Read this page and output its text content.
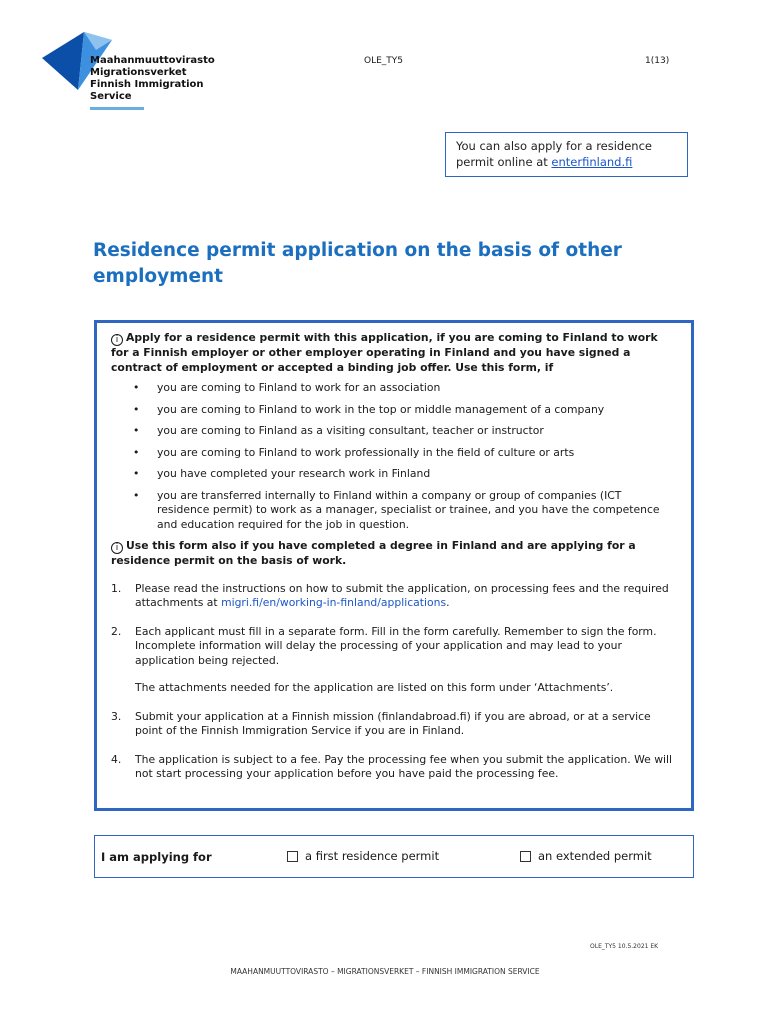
Maahanmuuttovirasto
Migrationsverket
Finnish Immigration Service
OLE_TY5	1(13)
You can also apply for a residence permit online at enterfinland.fi
Residence permit application on the basis of other employment

i Apply for a residence permit with this application, if you are coming to Finland to work for a Finnish employer or other employer operating in Finland and you have signed a contract of employment or accepted a binding job offer. Use this form, if

• you are coming to Finland to work for an association
• you are coming to Finland to work in the top or middle management of a company
• you are coming to Finland as a visiting consultant, teacher or instructor
• you are coming to Finland to work professionally in the field of culture or arts
• you have completed your research work in Finland
• you are transferred internally to Finland within a company or group of companies (ICT residence permit) to work as a manager, specialist or trainee, and you have the competence and education required for the job in question.

i Use this form also if you have completed a degree in Finland and are applying for a residence permit on the basis of work.

1. Please read the instructions on how to submit the application, on processing fees and the required attachments at migri.fi/en/working-in-finland/applications.
2. Each applicant must fill in a separate form. Fill in the form carefully. Remember to sign the form. Incomplete information will delay the processing of your application and may lead to your application being rejected.
The attachments needed for the application are listed on this form under ‘Attachments’.
3. Submit your application at a Finnish mission (finlandabroad.fi) if you are abroad, or at a service point of the Finnish Immigration Service if you are in Finland.
4. The application is subject to a fee. Pay the processing fee when you submit the application. We will not start processing your application before you have paid the processing fee.
I am applying for	a first residence permit	an extended permit
OLE_TY5 10.5.2021 EK
MAAHANMUUTTOVIRASTO – MIGRATIONSVERKET – FINNISH IMMIGRATION SERVICE
